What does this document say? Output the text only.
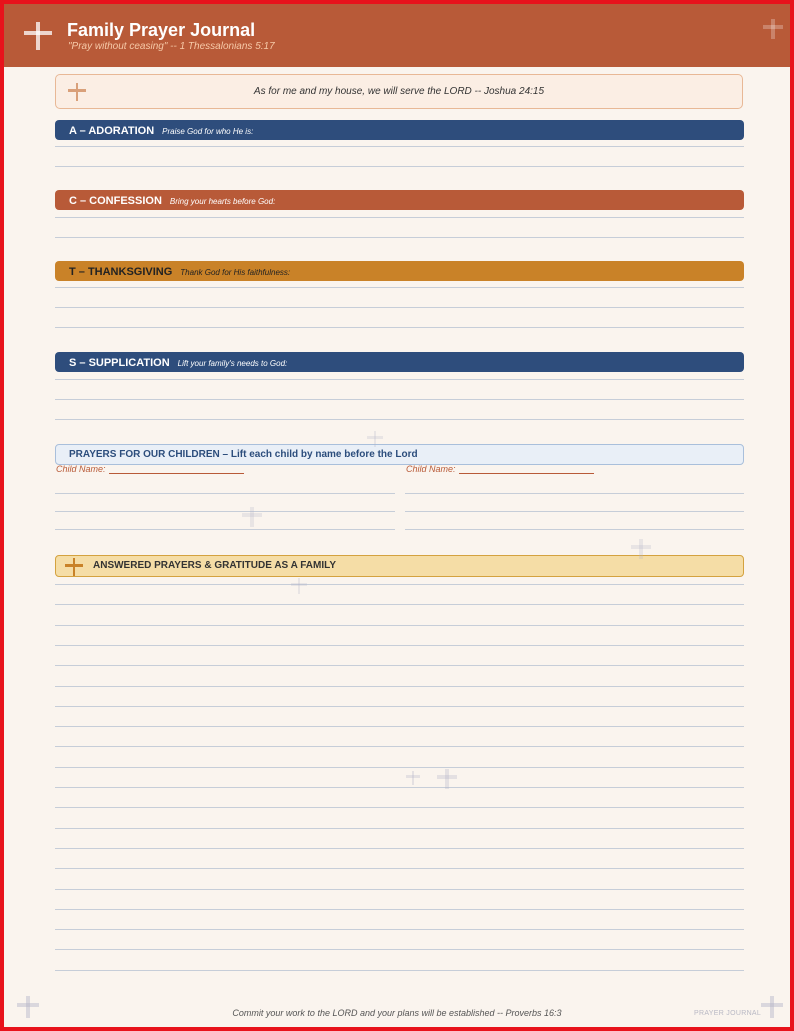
Family Prayer Journal
"Pray without ceasing" -- 1 Thessalonians 5:17
As for me and my house, we will serve the LORD -- Joshua 24:15
A – ADORATION Praise God for who He is:
C – CONFESSION Bring your hearts before God:
T – THANKSGIVING Thank God for His faithfulness:
S – SUPPLICATION Lift your family's needs to God:
PRAYERS FOR OUR CHILDREN – Lift each child by name before the Lord
Child Name:	Child Name:
ANSWERED PRAYERS & GRATITUDE AS A FAMILY
Commit your work to the LORD and your plans will be established -- Proverbs 16:3	PRAYER JOURNAL
